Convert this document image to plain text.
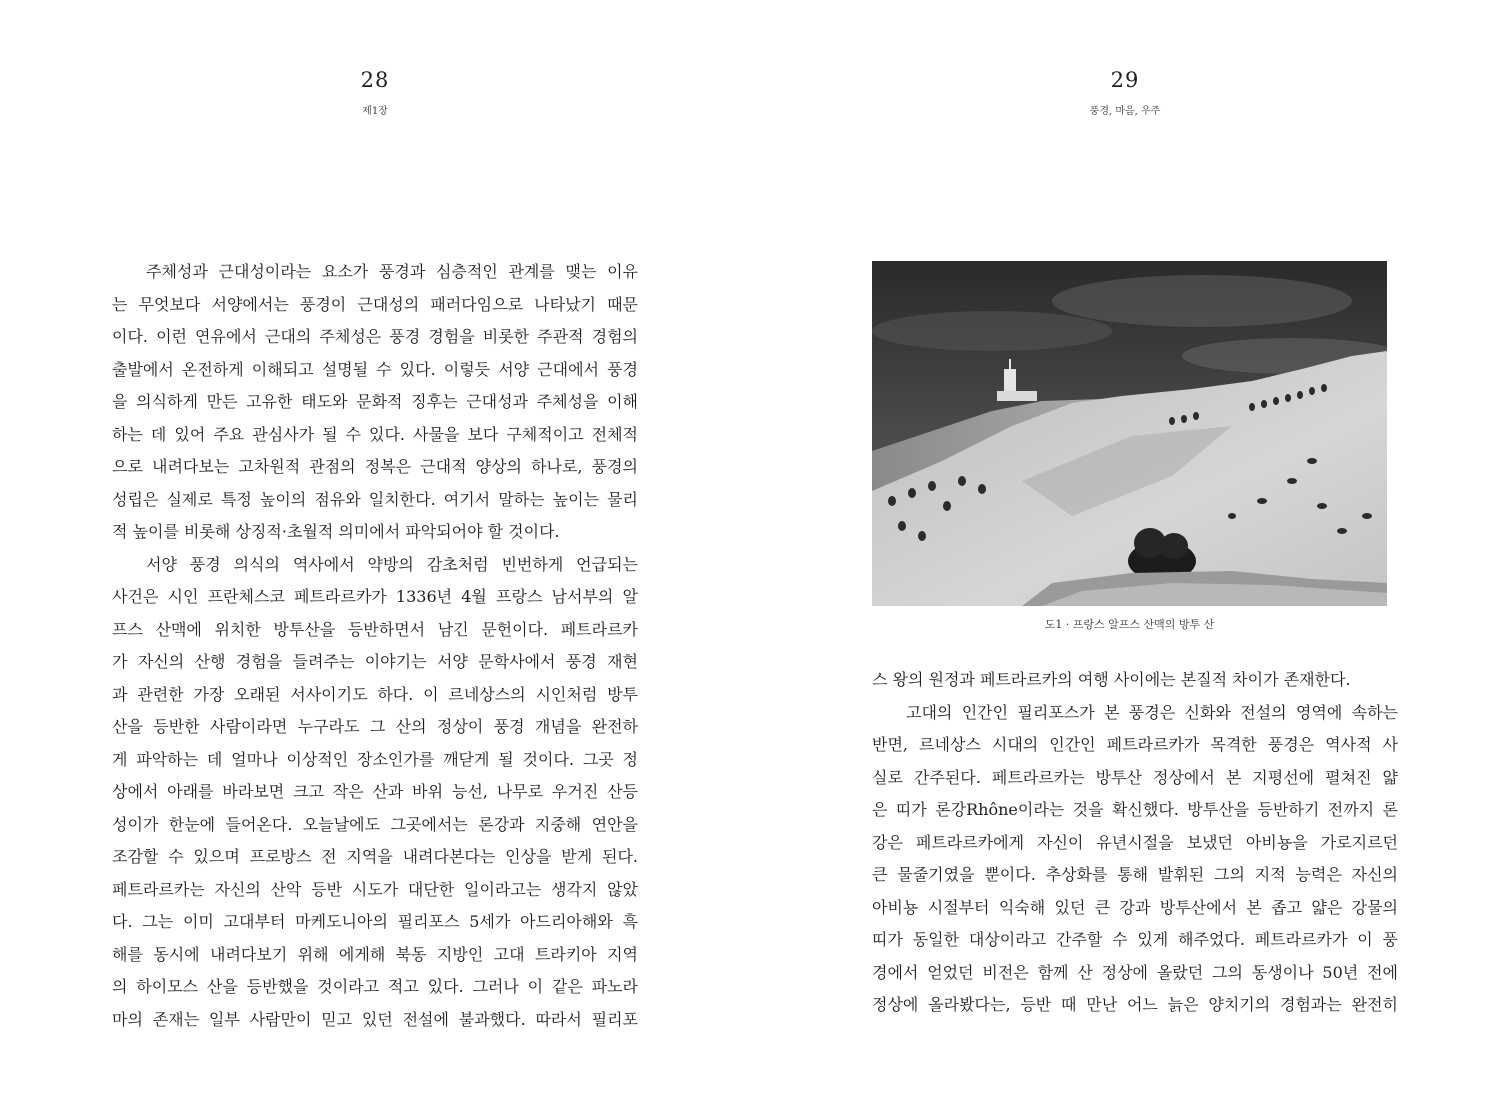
28
제1장
주체성과 근대성이라는 요소가 풍경과 심층적인 관계를 맺는 이유
는 무엇보다 서양에서는 풍경이 근대성의 패러다임으로 나타났기 때문
이다. 이런 연유에서 근대의 주체성은 풍경 경험을 비롯한 주관적 경험의
출발에서 온전하게 이해되고 설명될 수 있다. 이렇듯 서양 근대에서 풍경
을 의식하게 만든 고유한 태도와 문화적 징후는 근대성과 주체성을 이해
하는 데 있어 주요 관심사가 될 수 있다. 사물을 보다 구체적이고 전체적
으로 내려다보는 고차원적 관점의 정복은 근대적 양상의 하나로, 풍경의
성립은 실제로 특정 높이의 점유와 일치한다. 여기서 말하는 높이는 물리
적 높이를 비롯해 상징적·초월적 의미에서 파악되어야 할 것이다.
서양 풍경 의식의 역사에서 약방의 감초처럼 빈번하게 언급되는
사건은 시인 프란체스코 페트라르카가 1336년 4월 프랑스 남서부의 알
프스 산맥에 위치한 방투산을 등반하면서 남긴 문헌이다. 페트라르카
가 자신의 산행 경험을 들려주는 이야기는 서양 문학사에서 풍경 재현
과 관련한 가장 오래된 서사이기도 하다. 이 르네상스의 시인처럼 방투
산을 등반한 사람이라면 누구라도 그 산의 정상이 풍경 개념을 완전하
게 파악하는 데 얼마나 이상적인 장소인가를 깨닫게 될 것이다. 그곳 정
상에서 아래를 바라보면 크고 작은 산과 바위 능선, 나무로 우거진 산등
성이가 한눈에 들어온다. 오늘날에도 그곳에서는 론강과 지중해 연안을
조감할 수 있으며 프로방스 전 지역을 내려다본다는 인상을 받게 된다.
페트라르카는 자신의 산악 등반 시도가 대단한 일이라고는 생각지 않았
다. 그는 이미 고대부터 마케도니아의 필리포스 5세가 아드리아해와 흑
해를 동시에 내려다보기 위해 에게해 북동 지방인 고대 트라키아 지역
의 하이모스 산을 등반했을 것이라고 적고 있다. 그러나 이 같은 파노라
마의 존재는 일부 사람만이 믿고 있던 전설에 불과했다. 따라서 필리포
29
풍경, 마음, 우주
도1 · 프랑스 알프스 산맥의 방투 산
스 왕의 원정과 페트라르카의 여행 사이에는 본질적 차이가 존재한다.
고대의 인간인 필리포스가 본 풍경은 신화와 전설의 영역에 속하는
반면, 르네상스 시대의 인간인 페트라르카가 목격한 풍경은 역사적 사
실로 간주된다. 페트라르카는 방투산 정상에서 본 지평선에 펼쳐진 얇
은 띠가 론강Rhône이라는 것을 확신했다. 방투산을 등반하기 전까지 론
강은 페트라르카에게 자신이 유년시절을 보냈던 아비뇽을 가로지르던
큰 물줄기였을 뿐이다. 추상화를 통해 발휘된 그의 지적 능력은 자신의
아비뇽 시절부터 익숙해 있던 큰 강과 방투산에서 본 좁고 얇은 강물의
띠가 동일한 대상이라고 간주할 수 있게 해주었다. 페트라르카가 이 풍
경에서 얻었던 비전은 함께 산 정상에 올랐던 그의 동생이나 50년 전에
정상에 올라봤다는, 등반 때 만난 어느 늙은 양치기의 경험과는 완전히
